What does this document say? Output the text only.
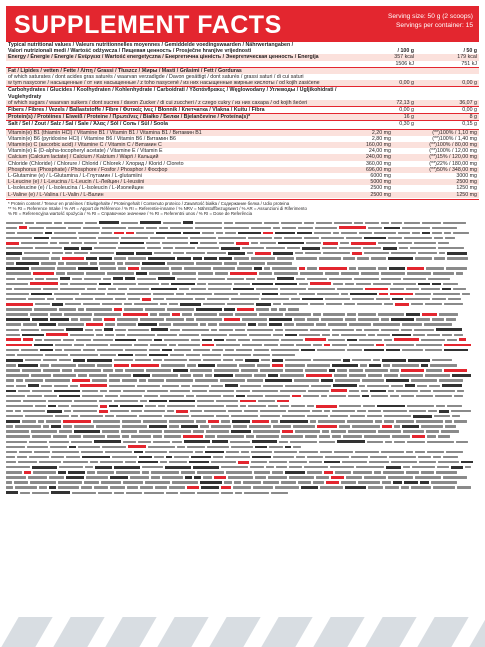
SUPPLEMENT FACTS	Serving size: 50 g (2 scoops)
Servings per container: 15
Typical nutritional values / Valeurs nutritionnelles moyennes / Gemiddelde voedingswaarden / Nährwertangaben /		
Valori nutrizionali medi / Wartość odżywcza / Пищевая ценность / Prosječne hranjive vrijednosti	/ 100 g	/ 50 g
Energy / Énergie / Energie / Ενέργεια / Wartość energetyczna / Енергетична цінність / Энергетическая ценность / Energija	357 kcal	179 kcal
	1506 kJ	751 kJ
Fat / Lipides / vetten / Fette / Λίπη / Grassi / Tłuszcz / Жиры / Masti / Grăsimi / Fett / Gorduras		
of which saturates / dont acides gras saturés / waarvan verzadigde / Davon gesättigt / dont saturés / grassi saturi / di cui saturi		
w tym nasycone / насыщенные / от них насыщенные / z toho nasycené / из них насыщенные жирные кислоты / od kojih zasićene	0,00 g	0,00 g
Carbohydrates / Glucides / Koolhydraten / Kohlenhydrate / Carboidrati / Υδατάνθρακες / Węglowodany / Углеводы / Ugljikohidrati / Vuglehydraty		
of which sugars / waarvan suikers / dont sucres / davon Zucker / di cui zuccheri / z czego cukry / из них сахара / od kojih šećeri	72,13 g	36,07 g
Fibers / Fibres / Vezels / Ballaststoffe / Fibre / Φυτικές ίνες / Błonnik / Клетчатка / Vlakna / Kuitu / Fibra	0,00 g	0,00 g
Protein(s) / Protéines / Eiweiß / Proteine / Πρωτεΐνες / Białko / Белки / Bjelančevine / Proteína(s)*	16 g	8 g
Salt / Sel / Zout / Salz / Sal / Sale / Άλας / Sól / Соль / Sůl / Soola	0,30 g	0,15 g
Vitamin(e) B1 (thiamin HCl) / Vitamine B1 / Vitamin B1 / Vitamina B1 / Витамин B1	2,20 mg	(**)100% / 1,10 mg
Vitamin(e) B6 (pyridoxine HCl) / Vitamine B6 / Vitamin B6 / Витамин B6	2,80 mg	(**)100% / 1,40 mg
Vitamin(e) C (ascorbic acid) / Vitamine C / Vitamin C / Витамин C	160,00 mg	(**)100% / 80,00 mg
Vitamin(e) E (D-alpha-tocopheryl acetate) / Vitamine E / Vitamin E	24,00 mg	(**)100% / 12,00 mg
Calcium (Calcium lactate) / Calcium / Kalzium / Wapń / Кальций	240,00 mg	(**)15% / 120,00 mg
Chloride (Chloride) / Chlorure / Chlorid / Chlorek / Хлорид / Klorid / Cloreto	360,00 mg	(**)22% / 180,00 mg
Phosphorus (Phosphate) / Phosphore / Fosfor / Phosphor / Фосфор	696,00 mg	(**)50% / 348,00 mg
L-Glutamine (e) / L-Glutamina / L-Глутамин / L-glutamiini	6000 mg	3000 mg
L-Leucine (e) / L-Leucina / L-Leucin / L-Лейцин / L-leusiini	5000 mg	2500 mg
L-Isoleucine (e) / L-Isoleucina / L-Isoleucin / L-Изолейцин	2500 mg	1250 mg
L-Valine (e) / L-Valina / L-Valin / L-Валин	2500 mg	1250 mg
* Protein content / Teneur en protéines / Eiwitgehalte / Proteingehalt / Contenuto proteico / Zawartość białka / Содержание белка / Udio proteina
** % RI = Reference Intake / % AR = Apport de Référence / % RI = Referentie-inname / % NRV = Nährstoffbezugswert / % AR = Assunzioni di Riferimento
% RI = Referencyjna wartość spożycia / % RI = Справочное значение / % RI = Referentni unos / % RI = Dose de Referência
